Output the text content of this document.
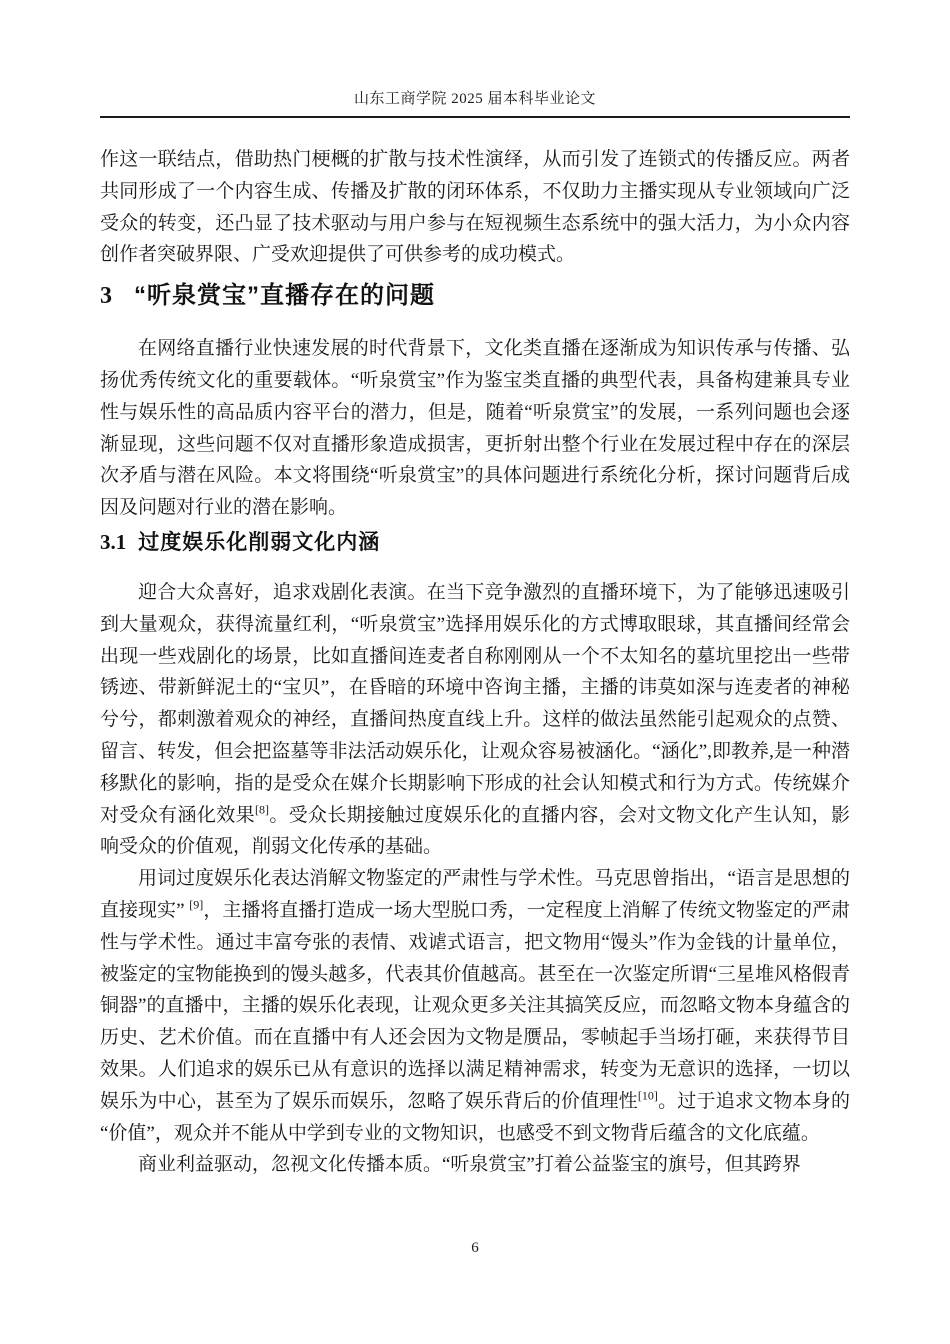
山东工商学院 2025 届本科毕业论文

作这一联结点，借助热门梗概的扩散与技术性演绎，从而引发了连锁式的传播反应。两者共同形成了一个内容生成、传播及扩散的闭环体系，不仅助力主播实现从专业领域向广泛受众的转变，还凸显了技术驱动与用户参与在短视频生态系统中的强大活力，为小众内容创作者突破界限、广受欢迎提供了可供参考的成功模式。

3 “听泉赏宝”直播存在的问题

在网络直播行业快速发展的时代背景下，文化类直播在逐渐成为知识传承与传播、弘扬优秀传统文化的重要载体。“听泉赏宝”作为鉴宝类直播的典型代表，具备构建兼具专业性与娱乐性的高品质内容平台的潜力，但是，随着“听泉赏宝”的发展，一系列问题也会逐渐显现，这些问题不仅对直播形象造成损害，更折射出整个行业在发展过程中存在的深层次矛盾与潜在风险。本文将围绕“听泉赏宝”的具体问题进行系统化分析，探讨问题背后成因及问题对行业的潜在影响。

3.1 过度娱乐化削弱文化内涵

迎合大众喜好，追求戏剧化表演。在当下竞争激烈的直播环境下，为了能够迅速吸引到大量观众，获得流量红利，“听泉赏宝”选择用娱乐化的方式博取眼球，其直播间经常会出现一些戏剧化的场景，比如直播间连麦者自称刚刚从一个不太知名的墓坑里挖出一些带锈迹、带新鲜泥土的“宝贝”，在昏暗的环境中咨询主播，主播的讳莫如深与连麦者的神秘兮兮，都刺激着观众的神经，直播间热度直线上升。这样的做法虽然能引起观众的点赞、留言、转发，但会把盗墓等非法活动娱乐化，让观众容易被涵化。“涵化”,即教养,是一种潜移默化的影响，指的是受众在媒介长期影响下形成的社会认知模式和行为方式。传统媒介对受众有涵化效果[8]。受众长期接触过度娱乐化的直播内容，会对文物文化产生认知，影响受众的价值观，削弱文化传承的基础。

用词过度娱乐化表达消解文物鉴定的严肃性与学术性。马克思曾指出，“语言是思想的直接现实” [9]，主播将直播打造成一场大型脱口秀，一定程度上消解了传统文物鉴定的严肃性与学术性。通过丰富夸张的表情、戏谑式语言，把文物用“馒头”作为金钱的计量单位，被鉴定的宝物能换到的馒头越多，代表其价值越高。甚至在一次鉴定所谓“三星堆风格假青铜器”的直播中，主播的娱乐化表现，让观众更多关注其搞笑反应，而忽略文物本身蕴含的历史、艺术价值。而在直播中有人还会因为文物是赝品，零帧起手当场打砸，来获得节目效果。人们追求的娱乐已从有意识的选择以满足精神需求，转变为无意识的选择，一切以娱乐为中心，甚至为了娱乐而娱乐，忽略了娱乐背后的价值理性[10]。过于追求文物本身的“价值”，观众并不能从中学到专业的文物知识，也感受不到文物背后蕴含的文化底蕴。

商业利益驱动，忽视文化传播本质。“听泉赏宝”打着公益鉴宝的旗号，但其跨界

6
